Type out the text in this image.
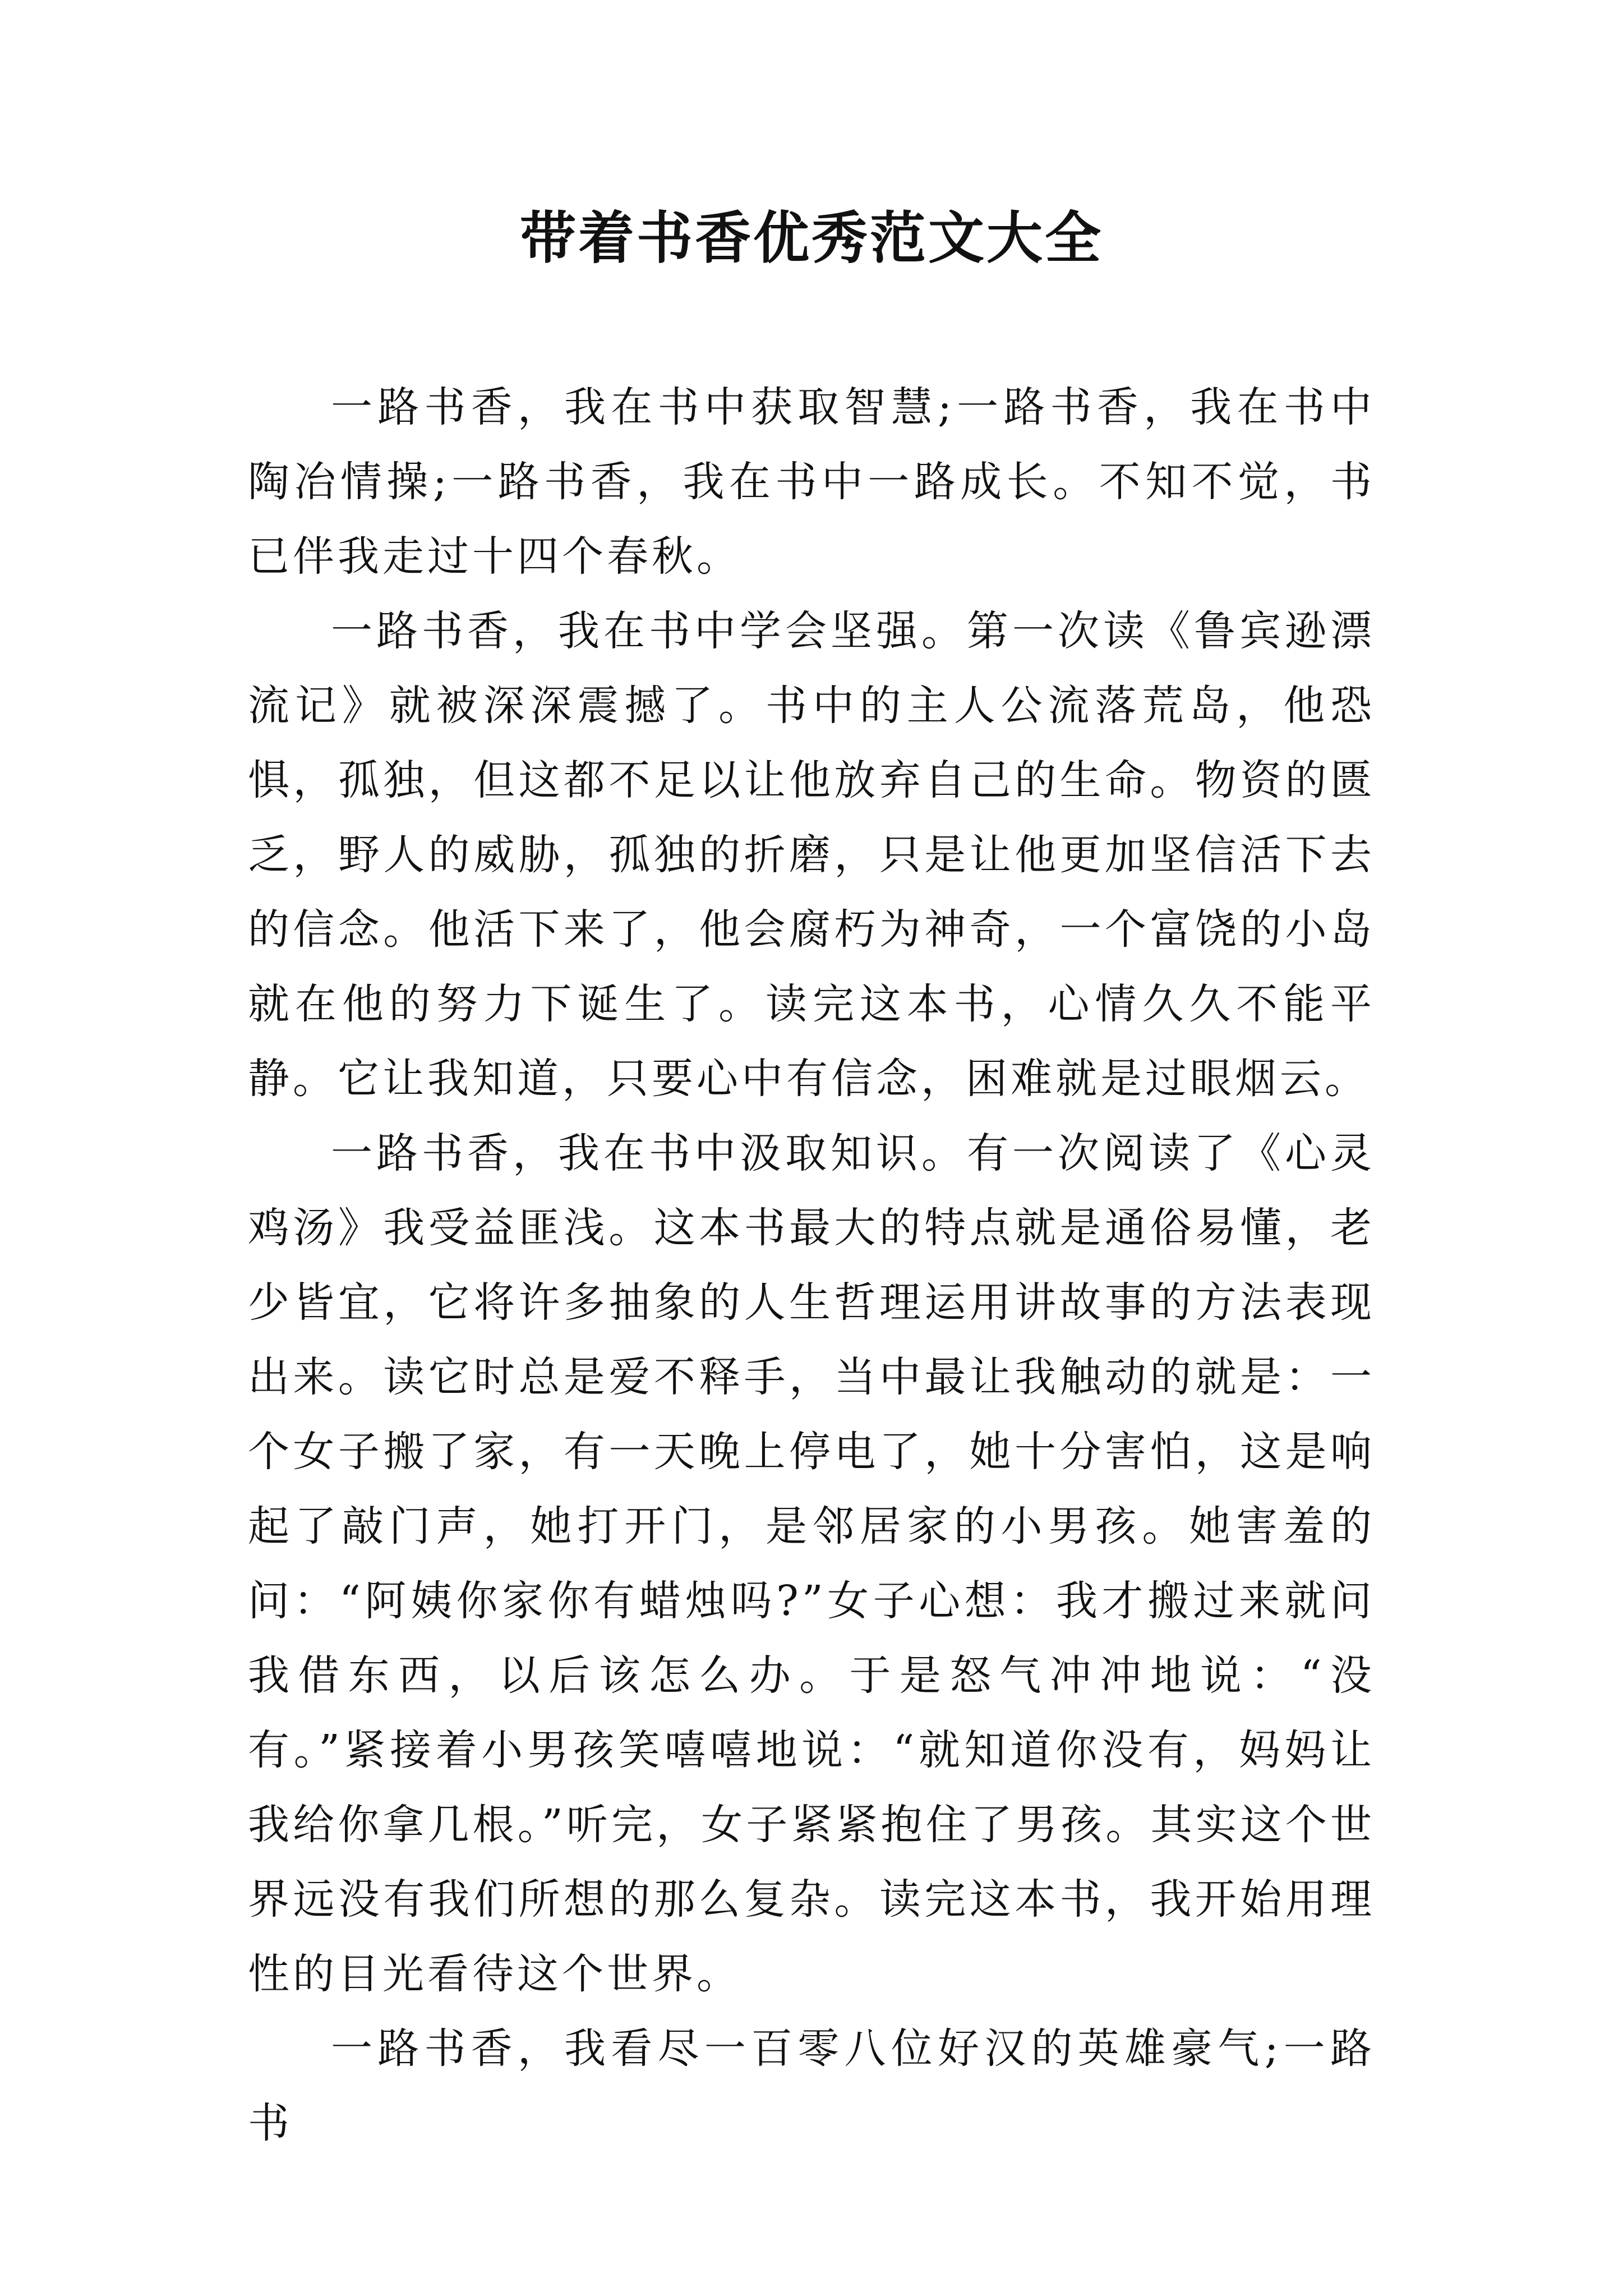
带着书香优秀范文大全

一路书香，我在书中获取智慧;一路书香，我在书中陶冶情操;一路书香，我在书中一路成长。不知不觉，书已伴我走过十四个春秋。

一路书香，我在书中学会坚强。第一次读《鲁宾逊漂流记》就被深深震撼了。书中的主人公流落荒岛，他恐惧，孤独，但这都不足以让他放弃自己的生命。物资的匮乏，野人的威胁，孤独的折磨，只是让他更加坚信活下去的信念。他活下来了，他会腐朽为神奇，一个富饶的小岛就在他的努力下诞生了。读完这本书，心情久久不能平静。它让我知道，只要心中有信念，困难就是过眼烟云。

一路书香，我在书中汲取知识。有一次阅读了《心灵鸡汤》我受益匪浅。这本书最大的特点就是通俗易懂，老少皆宜，它将许多抽象的人生哲理运用讲故事的方法表现出来。读它时总是爱不释手，当中最让我触动的就是：一个女子搬了家，有一天晚上停电了，她十分害怕，这是响起了敲门声，她打开门，是邻居家的小男孩。她害羞的问：“阿姨你家你有蜡烛吗?”女子心想：我才搬过来就问我借东西，以后该怎么办。于是怒气冲冲地说：“没有。”紧接着小男孩笑嘻嘻地说：“就知道你没有，妈妈让我给你拿几根。”听完，女子紧紧抱住了男孩。其实这个世界远没有我们所想的那么复杂。读完这本书，我开始用理性的目光看待这个世界。

一路书香，我看尽一百零八位好汉的英雄豪气;一路书
